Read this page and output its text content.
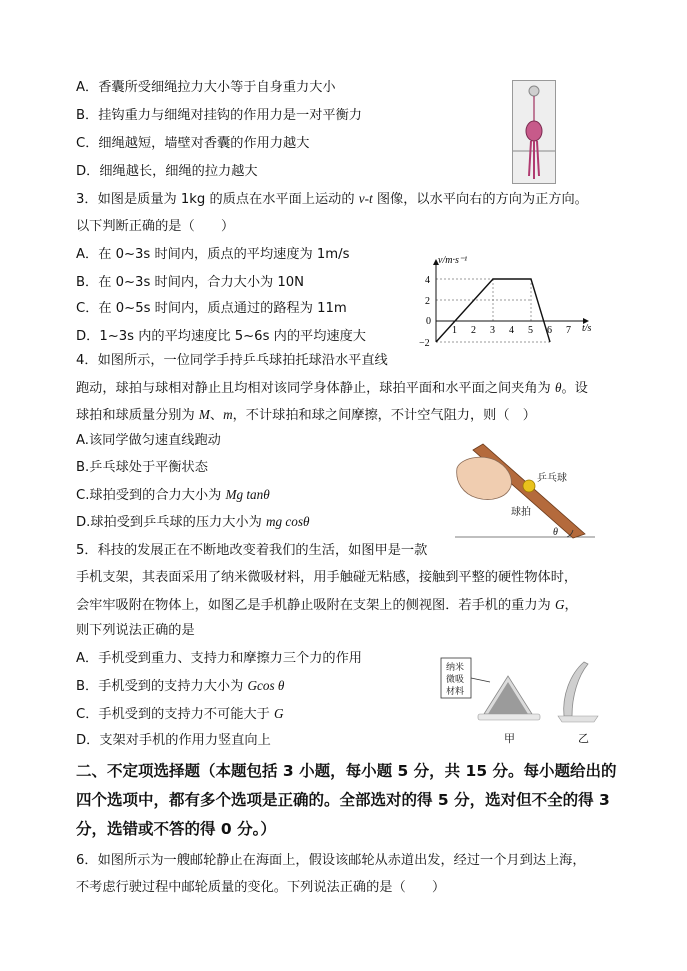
A．香囊所受细绳拉力大小等于自身重力大小
B．挂钩重力与细绳对挂钩的作用力是一对平衡力
C．细绳越短，墙壁对香囊的作用力越大
D．细绳越长，细绳的拉力越大
3．如图是质量为 1kg 的质点在水平面上运动的 v-t 图像，以水平向右的方向为正方向。
以下判断正确的是（　　）
A．在 0~3s 时间内，质点的平均速度为 1m/s
B．在 0~3s 时间内，合力大小为 10N
C．在 0~5s 时间内，质点通过的路程为 11m
D．1~3s 内的平均速度比 5~6s 内的平均速度大	1 2 3 4 5 6 7
4
2
−2
v/m·s⁻¹
t/s
0
4．如图所示，一位同学手持乒乓球拍托球沿水平直线
跑动，球拍与球相对静止且均相对该同学身体静止，球拍平面和水平面之间夹角为 θ。设
球拍和球质量分别为 M、m，不计球拍和球之间摩擦，不计空气阻力，则（　）
A.该同学做匀速直线跑动
B.乒乓球处于平衡状态
C.球拍受到的合力大小为 Mg tanθ
D.球拍受到乒乓球的压力大小为 mg cosθ
乒乓球
球拍
θ
5．科技的发展正在不断地改变着我们的生活，如图甲是一款
手机支架，其表面采用了纳米微吸材料，用手触碰无粘感，接触到平整的硬性物体时，
会牢牢吸附在物体上，如图乙是手机静止吸附在支架上的侧视图．若手机的重力为 G，
则下列说法正确的是
A．手机受到重力、支持力和摩擦力三个力的作用
B．手机受到的支持力大小为 Gcos θ
C．手机受到的支持力不可能大于 G
D．支架对手机的作用力竖直向上
纳米
微吸
材料
甲	乙
二、不定项选择题（本题包括 3 小题，每小题 5 分，共 15 分。每小题给出的
四个选项中，都有多个选项是正确的。全部选对的得 5 分，选对但不全的得 3
分，选错或不答的得 0 分。）
6．如图所示为一艘邮轮静止在海面上，假设该邮轮从赤道出发，经过一个月到达上海，
不考虑行驶过程中邮轮质量的变化。下列说法正确的是（　　）
